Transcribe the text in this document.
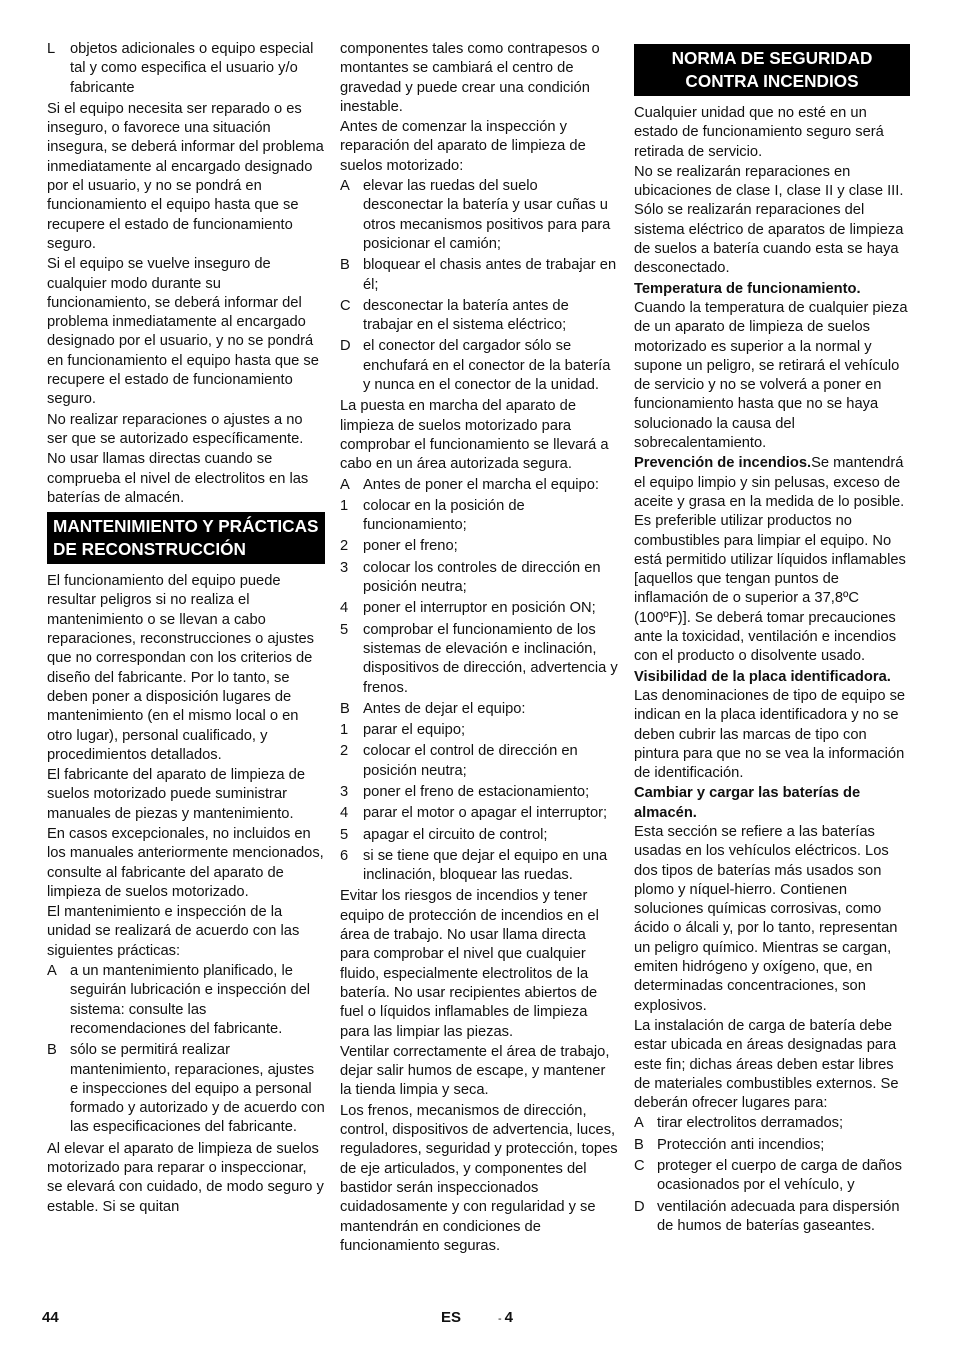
L	objetos adicionales o equipo especial tal y como especifica el usuario y/o fabricante

Si el equipo necesita ser reparado o es inseguro, o favorece una situación insegura, se deberá informar del problema inmediatamente al encargado designado por el usuario, y no se pondrá en funcionamiento el equipo hasta que se recupere el estado de funcionamiento seguro.

Si el equipo se vuelve inseguro de cualquier modo durante su funcionamiento, se deberá informar del problema inmediatamente al encargado designado por el usuario, y no se pondrá en funcionamiento el equipo hasta que se recupere el estado de funcionamiento seguro.

No realizar reparaciones o ajustes a no ser que se autorizado específicamente.

No usar llamas directas cuando se comprueba el nivel de electrolitos en las baterías de almacén.

MANTENIMIENTO Y PRÁCTICAS DE RECONSTRUCCIÓN

El funcionamiento del equipo puede resultar peligros si no realiza el mantenimiento o se llevan a cabo reparaciones, reconstrucciones o ajustes que no correspondan con los criterios de diseño del fabricante. Por lo tanto, se deben poner a disposición lugares de mantenimiento (en el mismo local o en otro lugar), personal cualificado, y procedimientos detallados.

El fabricante del aparato de limpieza de suelos motorizado puede suministrar manuales de piezas y mantenimiento.

En casos excepcionales, no incluidos en los manuales anteriormente mencionados, consulte al fabricante del aparato de limpieza de suelos motorizado.

El mantenimiento e inspección de la unidad se realizará de acuerdo con las siguientes prácticas:

A a un mantenimiento planificado, le seguirán lubricación e inspección del sistema: consulte las recomendaciones del fabricante.
B sólo se permitirá realizar mantenimiento, reparaciones, ajustes e inspecciones del equipo a personal formado y autorizado y de acuerdo con las especificaciones del fabricante.

Al elevar el aparato de limpieza de suelos motorizado para reparar o inspeccionar, se elevará con cuidado, de modo seguro y estable. Si se quitan

componentes tales como contrapesos o montantes se cambiará el centro de gravedad y puede crear una condición inestable.

Antes de comenzar la inspección y reparación del aparato de limpieza de suelos motorizado:

A elevar las ruedas del suelo desconectar la batería y usar cuñas u otros mecanismos positivos para para posicionar el camión;
B bloquear el chasis antes de trabajar en él;
C desconectar la batería antes de trabajar en el sistema eléctrico;
D el conector del cargador sólo se enchufará en el conector de la batería y nunca en el conector de la unidad.

La puesta en marcha del aparato de limpieza de suelos motorizado para comprobar el funcionamiento se llevará a cabo en un área autorizada segura.

A Antes de poner el marcha el equipo:
1	colocar en la posición de funcionamiento;
2	poner el freno;
3	colocar los controles de dirección en posición neutra;
4	poner el interruptor en posición ON;
5	comprobar el funcionamiento de los sistemas de elevación e inclinación, dispositivos de dirección, advertencia y frenos.
B Antes de dejar el equipo:
1	parar el equipo;
2	colocar el control de dirección en posición neutra;
3	poner el freno de estacionamiento;
4	parar el motor o apagar el interruptor;
5	apagar el circuito de control;
6	si se tiene que dejar el equipo en una inclinación, bloquear las ruedas.

Evitar los riesgos de incendios y tener equipo de protección de incendios en el área de trabajo. No usar llama directa para comprobar el nivel que cualquier fluido, especialmente electrolitos de la batería. No usar recipientes abiertos de fuel o líquidos inflamables de limpieza para las limpiar las piezas.

Ventilar correctamente el área de trabajo, dejar salir humos de escape, y mantener la tienda limpia y seca.

Los frenos, mecanismos de dirección, control, dispositivos de advertencia, luces, reguladores, seguridad y protección, topes de eje articulados, y componentes del bastidor serán inspeccionados cuidadosamente y con regularidad y se mantendrán en condiciones de funcionamiento seguras.

NORMA DE SEGURIDAD CONTRA INCENDIOS

Cualquier unidad que no esté en un estado de funcionamiento seguro será retirada de servicio.

No se realizarán reparaciones en ubicaciones de clase I, clase II y clase III. Sólo se realizarán reparaciones del sistema eléctrico de aparatos de limpieza de suelos a batería cuando esta se haya desconectado.

Temperatura de funcionamiento. Cuando la temperatura de cualquier pieza de un aparato de limpieza de suelos motorizado es superior a la normal y supone un peligro, se retirará el vehículo de servicio y no se volverá a poner en funcionamiento hasta que no se haya solucionado la causa del sobrecalentamiento.

Prevención de incendios.Se mantendrá el equipo limpio y sin pelusas, exceso de aceite y grasa en la medida de lo posible. Es preferible utilizar productos no combustibles para limpiar el equipo. No está permitido utilizar líquidos inflamables [aquellos que tengan puntos de inflamación de o superior a 37,8ºC (100ºF)]. Se deberá tomar precauciones ante la toxicidad, ventilación e incendios con el producto o disolvente usado.

Visibilidad de la placa identificadora. Las denominaciones de tipo de equipo se indican en la placa identificadora y no se deben cubrir las marcas de tipo con pintura para que no se vea la información de identificación.

Cambiar y cargar las baterías de almacén.
Esta sección se refiere a las baterías usadas en los vehículos eléctricos. Los dos tipos de baterías más usados son plomo y níquel-hierro. Contienen soluciones químicas corrosivas, como ácido o álcali y, por lo tanto, representan un peligro químico. Mientras se cargan, emiten hidrógeno y oxígeno, que, en determinadas concentraciones, son explosivos.

La instalación de carga de batería debe estar ubicada en áreas designadas para este fin; dichas áreas deben estar libres de materiales combustibles externos. Se deberán ofrecer lugares para:

A tirar electrolitos derramados;
B Protección anti incendios;
C proteger el cuerpo de carga de daños ocasionados por el vehículo, y
D ventilación adecuada para dispersión de humos de baterías gaseantes.
44	ES	- 4
